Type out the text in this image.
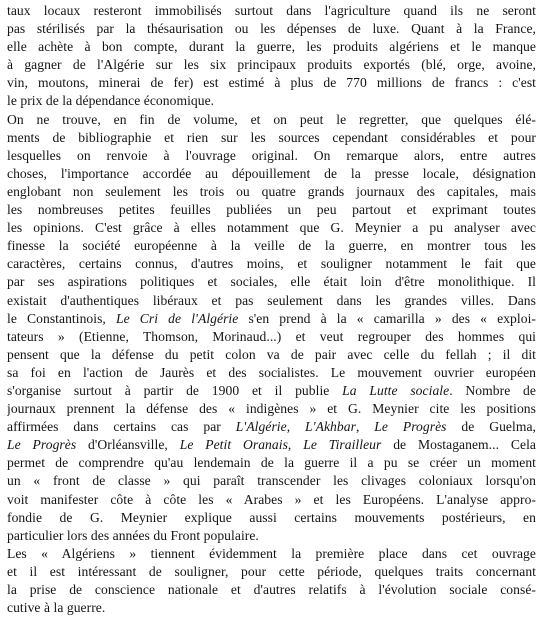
taux locaux resteront immobilisés surtout dans l'agriculture quand ils ne seront
pas stérilisés par la thésaurisation ou les dépenses de luxe. Quant à la France,
elle achète à bon compte, durant la guerre, les produits algériens et le manque
à gagner de l'Algérie sur les six principaux produits exportés (blé, orge, avoine,
vin, moutons, minerai de fer) est estimé à plus de 770 millions de francs : c'est
le prix de la dépendance économique.
On ne trouve, en fin de volume, et on peut le regretter, que quelques élé-
ments de bibliographie et rien sur les sources cependant considérables et pour
lesquelles on renvoie à l'ouvrage original. On remarque alors, entre autres
choses, l'importance accordée au dépouillement de la presse locale, désignation
englobant non seulement les trois ou quatre grands journaux des capitales, mais
les nombreuses petites feuilles publiées un peu partout et exprimant toutes
les opinions. C'est grâce à elles notamment que G. Meynier a pu analyser avec
finesse la société européenne à la veille de la guerre, en montrer tous les
caractères, certains connus, d'autres moins, et souligner notamment le fait que
par ses aspirations politiques et sociales, elle était loin d'être monolithique. Il
existait d'authentiques libéraux et pas seulement dans les grandes villes. Dans
le Constantinois, Le Cri de l'Algérie s'en prend à la « camarilla » des « exploi-
tateurs » (Etienne, Thomson, Morinaud...) et veut regrouper des hommes qui
pensent que la défense du petit colon va de pair avec celle du fellah ; il dit
sa foi en l'action de Jaurès et des socialistes. Le mouvement ouvrier européen
s'organise surtout à partir de 1900 et il publie La Lutte sociale. Nombre de
journaux prennent la défense des « indigènes » et G. Meynier cite les positions
affirmées dans certains cas par L'Algérie, L'Akhbar, Le Progrès de Guelma,
Le Progrès d'Orléansville, Le Petit Oranais, Le Tirailleur de Mostaganem... Cela
permet de comprendre qu'au lendemain de la guerre il a pu se créer un moment
un « front de classe » qui paraît transcender les clivages coloniaux lorsqu'on
voit manifester côte à côte les « Arabes » et les Européens. L'analyse appro-
fondie de G. Meynier explique aussi certains mouvements postérieurs, en
particulier lors des années du Front populaire.
Les « Algériens » tiennent évidemment la première place dans cet ouvrage
et il est intéressant de souligner, pour cette période, quelques traits concernant
la prise de conscience nationale et d'autres relatifs à l'évolution sociale consé-
cutive à la guerre.
